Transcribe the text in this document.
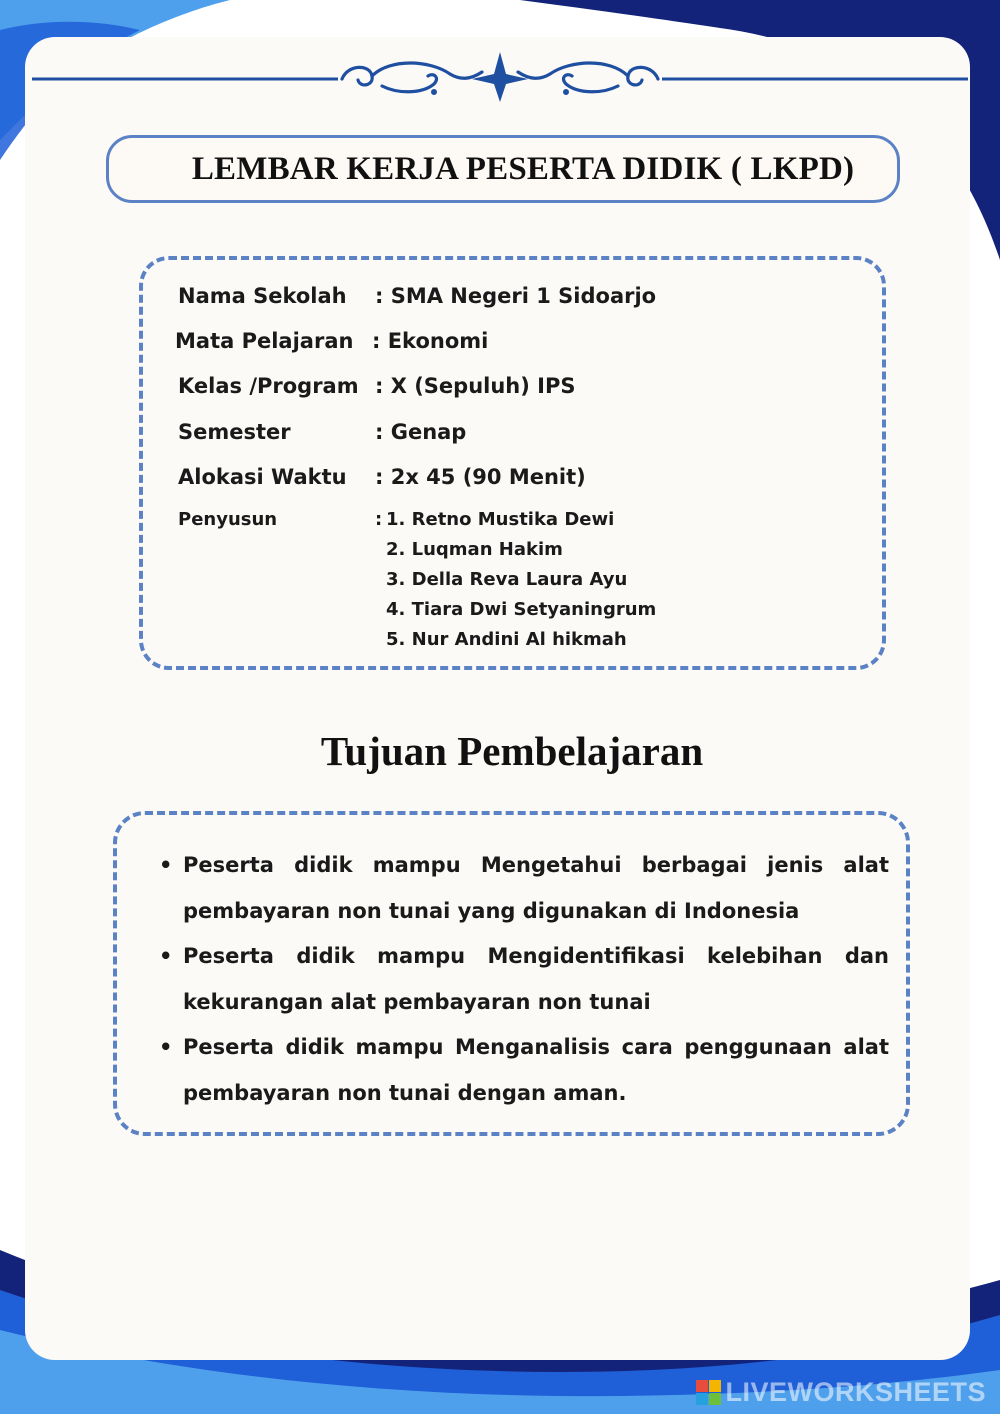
LEMBAR KERJA PESERTA DIDIK ( LKPD)
Nama Sekolah : SMA Negeri 1 Sidoarjo
Mata Pelajaran : Ekonomi
Kelas /Program : X (Sepuluh) IPS
Semester	: Genap
Alokasi Waktu : 2x 45 (90 Menit)
Penyusun	: 1. Retno Mustika Dewi
2. Luqman Hakim
3. Della Reva Laura Ayu
4. Tiara Dwi Setyaningrum
5. Nur Andini Al hikmah
Tujuan Pembelajaran
• Peserta didik mampu Mengetahui berbagai jenis alat pembayaran non tunai yang digunakan di Indonesia
• Peserta didik mampu Mengidentifikasi kelebihan dan kekurangan alat pembayaran non tunai
• Peserta didik mampu Menganalisis cara penggunaan alat pembayaran non tunai dengan aman.
LIVEWORKSHEETS
